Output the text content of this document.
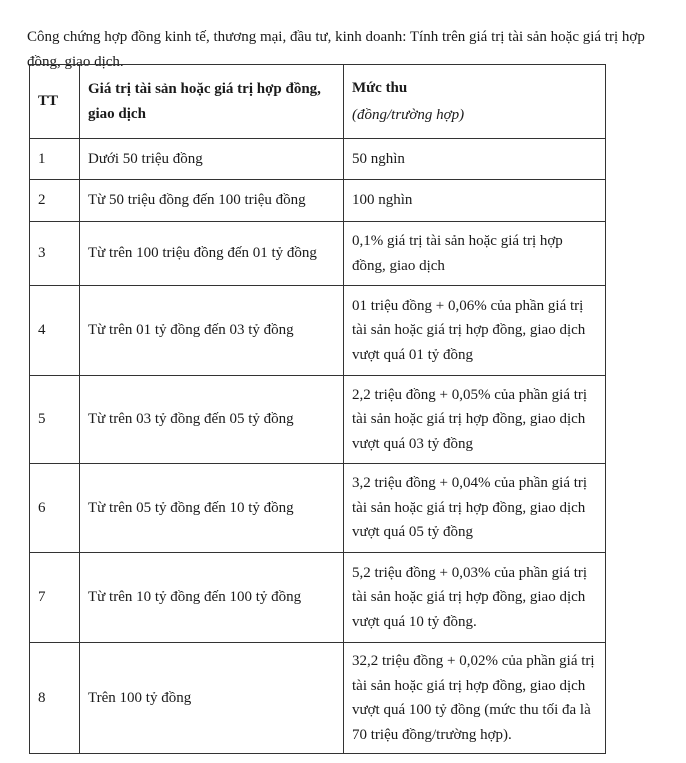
Công chứng hợp đồng kinh tế, thương mại, đầu tư, kinh doanh: Tính trên giá trị tài sản hoặc giá trị hợp đồng, giao dịch.

TT	Giá trị tài sản hoặc giá trị hợp đồng, giao dịch	Mức thu
(đồng/trường hợp)

1	Dưới 50 triệu đồng	50 nghìn
2	Từ 50 triệu đồng đến 100 triệu đồng	100 nghìn
3	Từ trên 100 triệu đồng đến 01 tỷ đồng	0,1% giá trị tài sản hoặc giá trị hợp đồng, giao dịch
4	Từ trên 01 tỷ đồng đến 03 tỷ đồng	01 triệu đồng + 0,06% của phần giá trị tài sản hoặc giá trị hợp đồng, giao dịch vượt quá 01 tỷ đồng
5	Từ trên 03 tỷ đồng đến 05 tỷ đồng	2,2 triệu đồng + 0,05% của phần giá trị tài sản hoặc giá trị hợp đồng, giao dịch vượt quá 03 tỷ đồng
6	Từ trên 05 tỷ đồng đến 10 tỷ đồng	3,2 triệu đồng + 0,04% của phần giá trị tài sản hoặc giá trị hợp đồng, giao dịch vượt quá 05 tỷ đồng
7	Từ trên 10 tỷ đồng đến 100 tỷ đồng	5,2 triệu đồng + 0,03% của phần giá trị tài sản hoặc giá trị hợp đồng, giao dịch vượt quá 10 tỷ đồng.
8	Trên 100 tỷ đồng	32,2 triệu đồng + 0,02% của phần giá trị tài sản hoặc giá trị hợp đồng, giao dịch vượt quá 100 tỷ đồng (mức thu tối đa là 70 triệu đồng/trường hợp).
